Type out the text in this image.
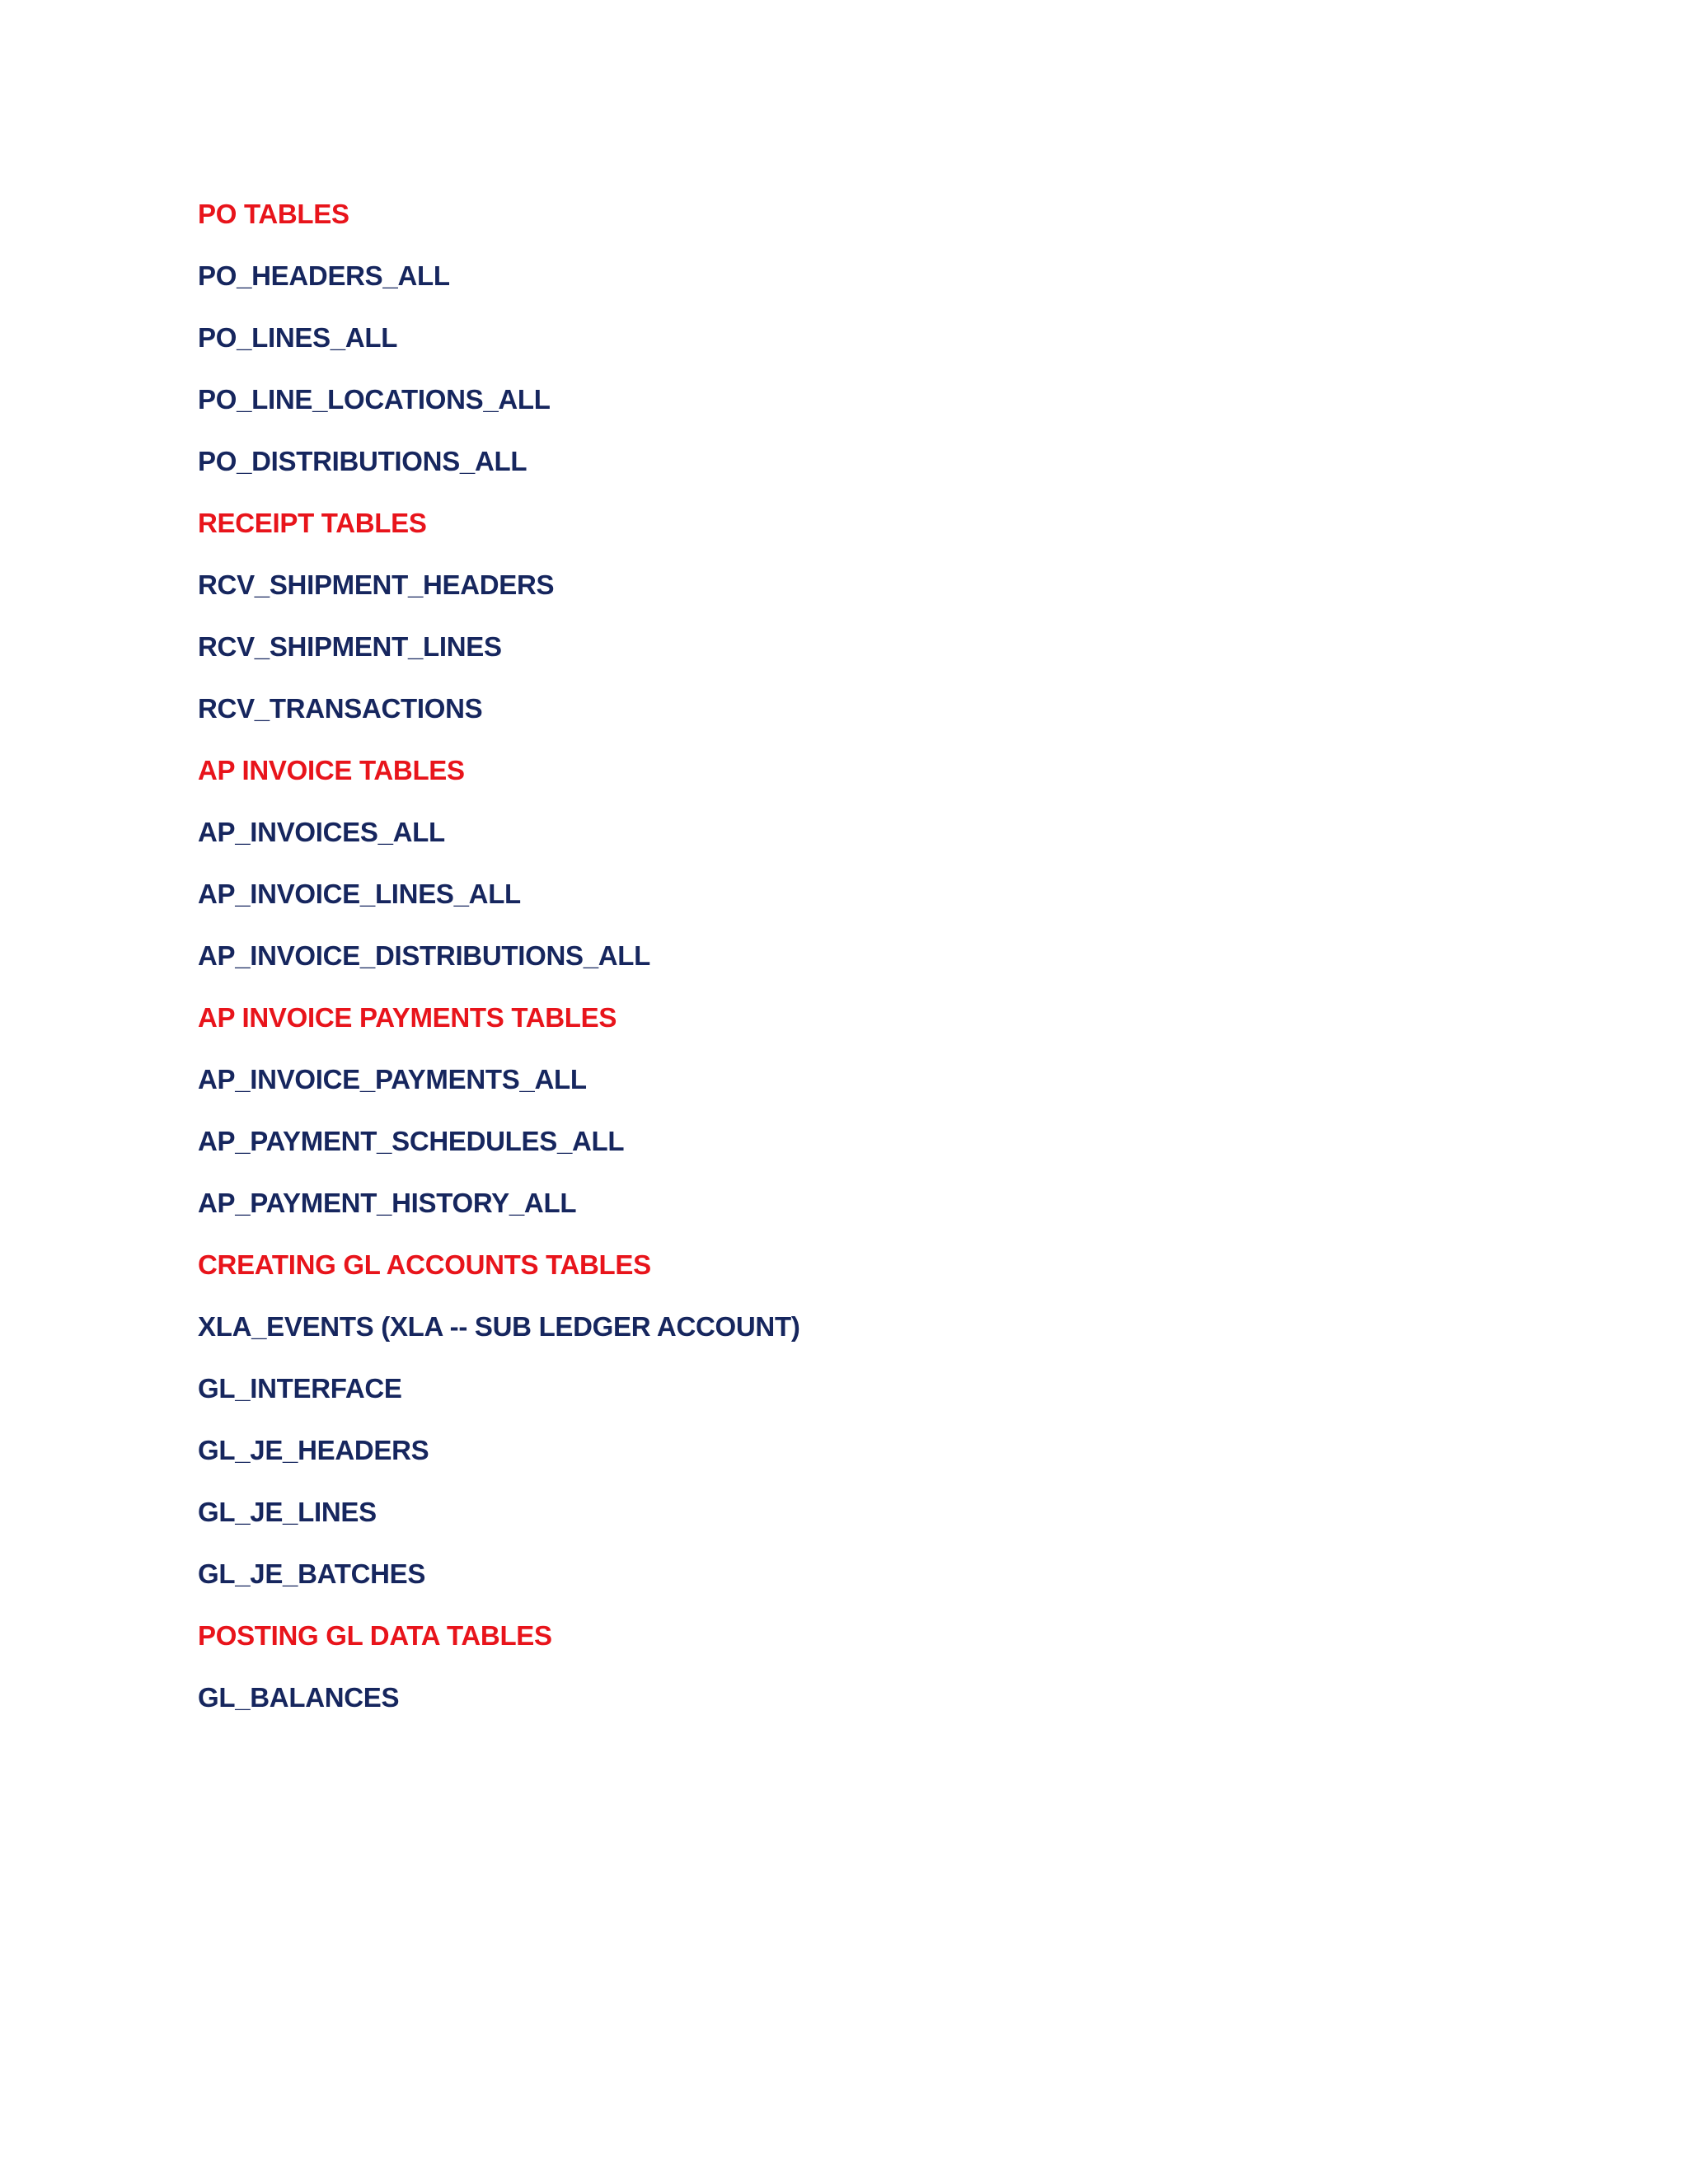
PO TABLES
PO_HEADERS_ALL
PO_LINES_ALL
PO_LINE_LOCATIONS_ALL
PO_DISTRIBUTIONS_ALL
RECEIPT TABLES
RCV_SHIPMENT_HEADERS
RCV_SHIPMENT_LINES
RCV_TRANSACTIONS
AP INVOICE TABLES
AP_INVOICES_ALL
AP_INVOICE_LINES_ALL
AP_INVOICE_DISTRIBUTIONS_ALL
AP INVOICE PAYMENTS TABLES
AP_INVOICE_PAYMENTS_ALL
AP_PAYMENT_SCHEDULES_ALL
AP_PAYMENT_HISTORY_ALL
CREATING GL ACCOUNTS TABLES
XLA_EVENTS (XLA -- SUB LEDGER ACCOUNT)
GL_INTERFACE
GL_JE_HEADERS
GL_JE_LINES
GL_JE_BATCHES
POSTING GL DATA TABLES
GL_BALANCES
